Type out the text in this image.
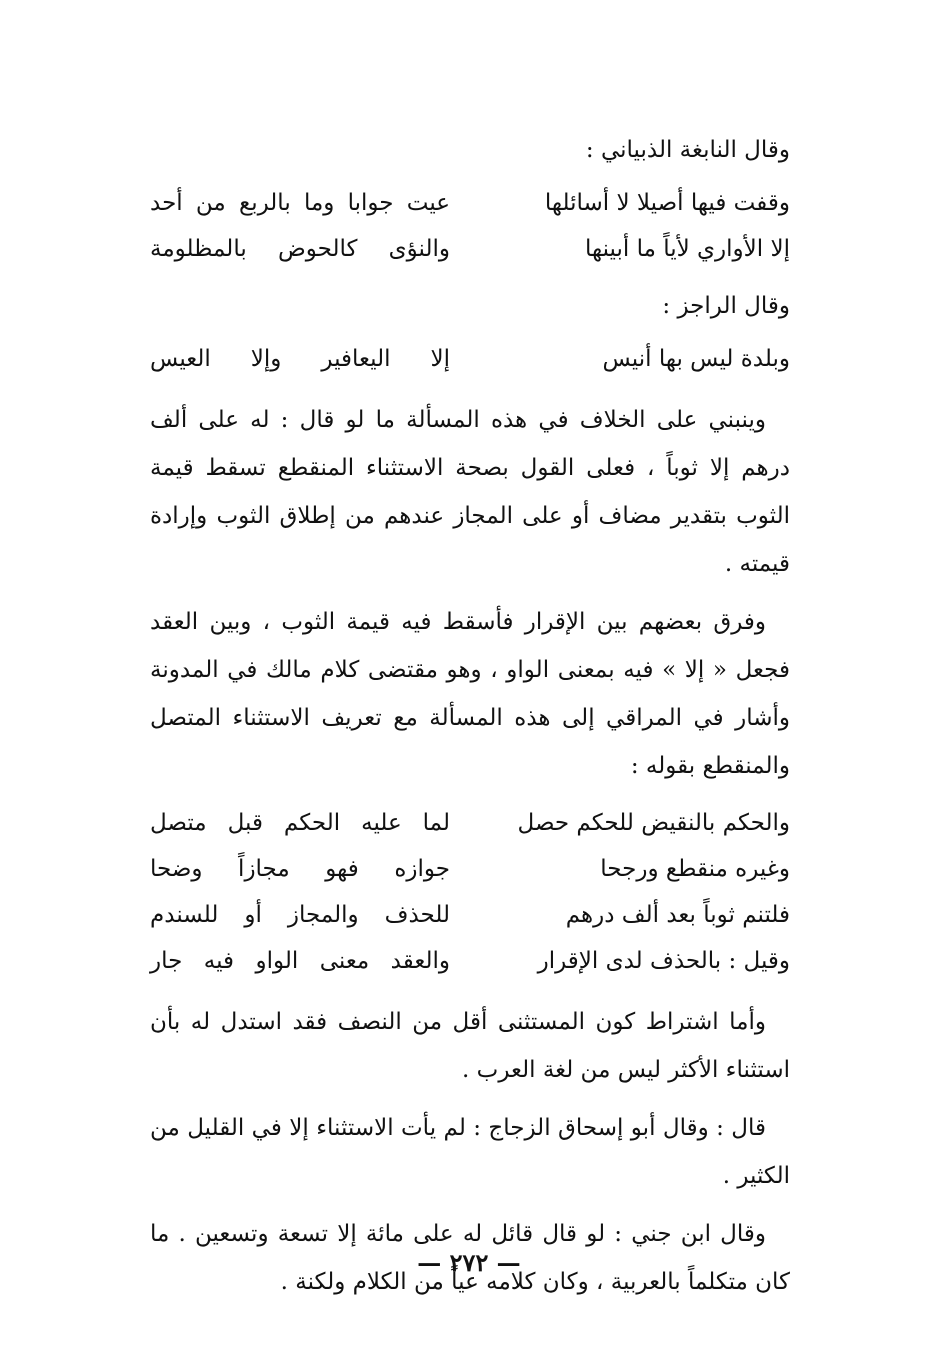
وقال النابغة الذبياني :

وقفت فيها أصيلا لا أسائلها
عيت جوابا وما بالربع من أحد
إلا الأواري لأياً ما أبينها
والنؤى كالحوض بالمظلومة

وقال الراجز :

وبلدة ليس بها أنيس
إلا اليعافير وإلا العيس

وينبني على الخلاف في هذه المسألة ما لو قال : له على ألف درهم إلا ثوباً ، فعلى القول بصحة الاستثناء المنقطع تسقط قيمة الثوب بتقدير مضاف أو على المجاز عندهم من إطلاق الثوب وإرادة قيمته .

وفرق بعضهم بين الإقرار فأسقط فيه قيمة الثوب ، وبين العقد فجعل « إلا » فيه بمعنى الواو ، وهو مقتضى كلام مالك في المدونة وأشار في المراقي إلى هذه المسألة مع تعريف الاستثناء المتصل والمنقطع بقوله :

والحكم بالنقيض للحكم حصل
لما عليه الحكم قبل متصل
وغيره منقطع ورجحا
جوازه فهو مجازاً وضحا
فلتنم ثوباً بعد ألف درهم
للحذف والمجاز أو للسندم
وقيل : بالحذف لدى الإقرار
والعقد معنى الواو فيه جار

وأما اشتراط كون المستثنى أقل من النصف فقد استدل له بأن استثناء الأكثر ليس من لغة العرب .

قال : وقال أبو إسحاق الزجاج : لم يأت الاستثناء إلا في القليل من الكثير .

وقال ابن جني : لو قال قائل له على مائة إلا تسعة وتسعين . ما كان متكلماً بالعربية ، وكان كلامه عياً من الكلام ولكنة .

— ٢٧٢ —
